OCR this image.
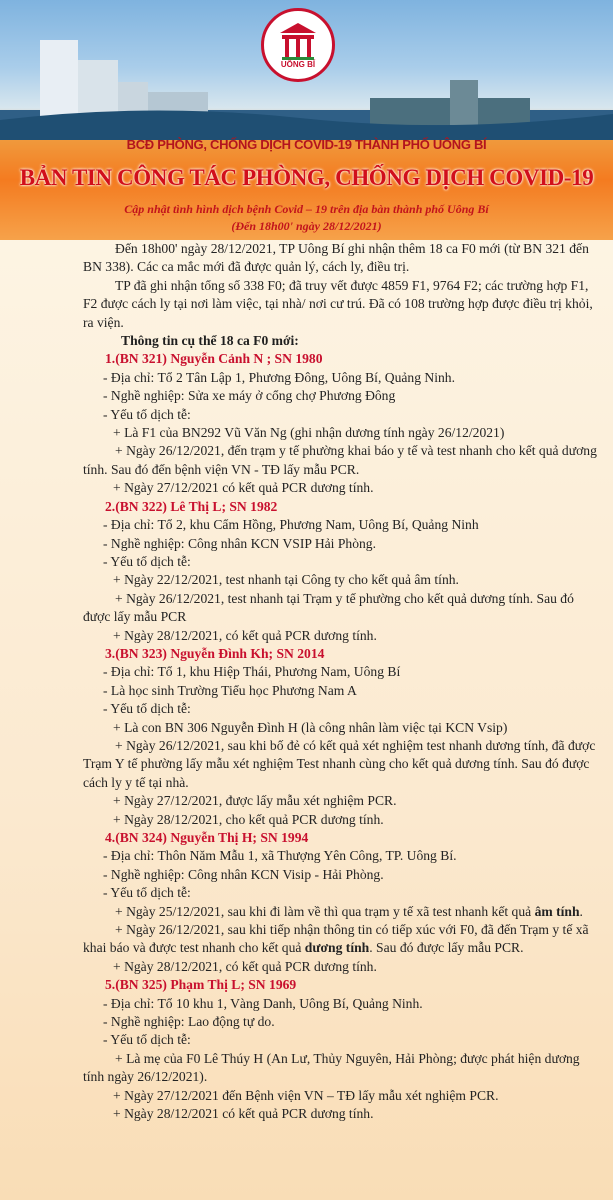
UÔNG BÍ
BCĐ PHÒNG, CHỐNG DỊCH COVID-19 THÀNH PHỐ UÔNG BÍ
BẢN TIN CÔNG TÁC PHÒNG, CHỐNG DỊCH COVID-19
Cập nhật tình hình dịch bệnh Covid – 19 trên địa bàn thành phố Uông Bí
(Đến 18h00' ngày 28/12/2021)

Đến 18h00' ngày 28/12/2021, TP Uông Bí ghi nhận thêm 18 ca F0 mới (từ BN 321 đến BN 338). Các ca mắc mới đã được quản lý, cách ly, điều trị.

TP đã ghi nhận tổng số 338 F0; đã truy vết được 4859 F1, 9764 F2; các trường hợp F1, F2 được cách ly tại nơi làm việc, tại nhà/ nơi cư trú. Đã có 108 trường hợp được điều trị khỏi, ra viện.

Thông tin cụ thể 18 ca F0 mới:

1.(BN 321) Nguyễn Cảnh N ; SN 1980

- Địa chỉ: Tổ 2 Tân Lập 1, Phương Đông, Uông Bí, Quảng Ninh.

- Nghề nghiệp: Sửa xe máy ở cổng chợ Phương Đông

- Yếu tố dịch tễ:

+ Là F1 của BN292 Vũ Văn Ng (ghi nhận dương tính ngày 26/12/2021)

+ Ngày 26/12/2021, đến trạm y tế phường khai báo y tế và test nhanh cho kết quả dương tính. Sau đó đến bệnh viện VN - TĐ lấy mẫu PCR.

+ Ngày 27/12/2021 có kết quả PCR dương tính.

2.(BN 322) Lê Thị L; SN 1982

- Địa chỉ: Tổ 2, khu Cẩm Hồng, Phương Nam, Uông Bí, Quảng Ninh

- Nghề nghiệp: Công nhân KCN VSIP Hải Phòng.

- Yếu tố dịch tễ:

+ Ngày 22/12/2021, test nhanh tại Công ty cho kết quả âm tính.

+ Ngày 26/12/2021, test nhanh tại Trạm y tế phường cho kết quả dương tính. Sau đó được lấy mẫu PCR

+ Ngày 28/12/2021, có kết quả PCR dương tính.

3.(BN 323) Nguyễn Đình Kh; SN 2014

- Địa chỉ: Tổ 1, khu Hiệp Thái, Phương Nam, Uông Bí

- Là học sinh Trường Tiểu học Phương Nam A

- Yếu tố dịch tễ:

+ Là con BN 306 Nguyễn Đình H (là công nhân làm việc tại KCN Vsip)

+ Ngày 26/12/2021, sau khi bố đẻ có kết quả xét nghiệm test nhanh dương tính, đã được Trạm Y tế phường lấy mẫu xét nghiệm Test nhanh cùng cho kết quả dương tính. Sau đó được cách ly y tế tại nhà.

+ Ngày 27/12/2021, được lấy mẫu xét nghiệm PCR.

+ Ngày 28/12/2021, cho kết quả PCR dương tính.

4.(BN 324) Nguyễn Thị H; SN 1994

- Địa chỉ: Thôn Năm Mẫu 1, xã Thượng Yên Công, TP. Uông Bí.

- Nghề nghiệp: Công nhân KCN Visip - Hải Phòng.

- Yếu tố dịch tễ:

+ Ngày 25/12/2021, sau khi đi làm về thì qua trạm y tế xã test nhanh kết quả âm tính.

+ Ngày 26/12/2021, sau khi tiếp nhận thông tin có tiếp xúc với F0, đã đến Trạm y tế xã khai báo và được test nhanh cho kết quả dương tính. Sau đó được lấy mẫu PCR.

+ Ngày 28/12/2021, có kết quả PCR dương tính.

5.(BN 325) Phạm Thị L; SN 1969

- Địa chỉ: Tổ 10 khu 1, Vàng Danh, Uông Bí, Quảng Ninh.

- Nghề nghiệp: Lao động tự do.

- Yếu tố dịch tễ:

+ Là mẹ của F0 Lê Thúy H (An Lư, Thủy Nguyên, Hải Phòng; được phát hiện dương tính ngày 26/12/2021).

+ Ngày 27/12/2021 đến Bệnh viện VN – TĐ lấy mẫu xét nghiệm PCR.

+ Ngày 28/12/2021 có kết quả PCR dương tính.
